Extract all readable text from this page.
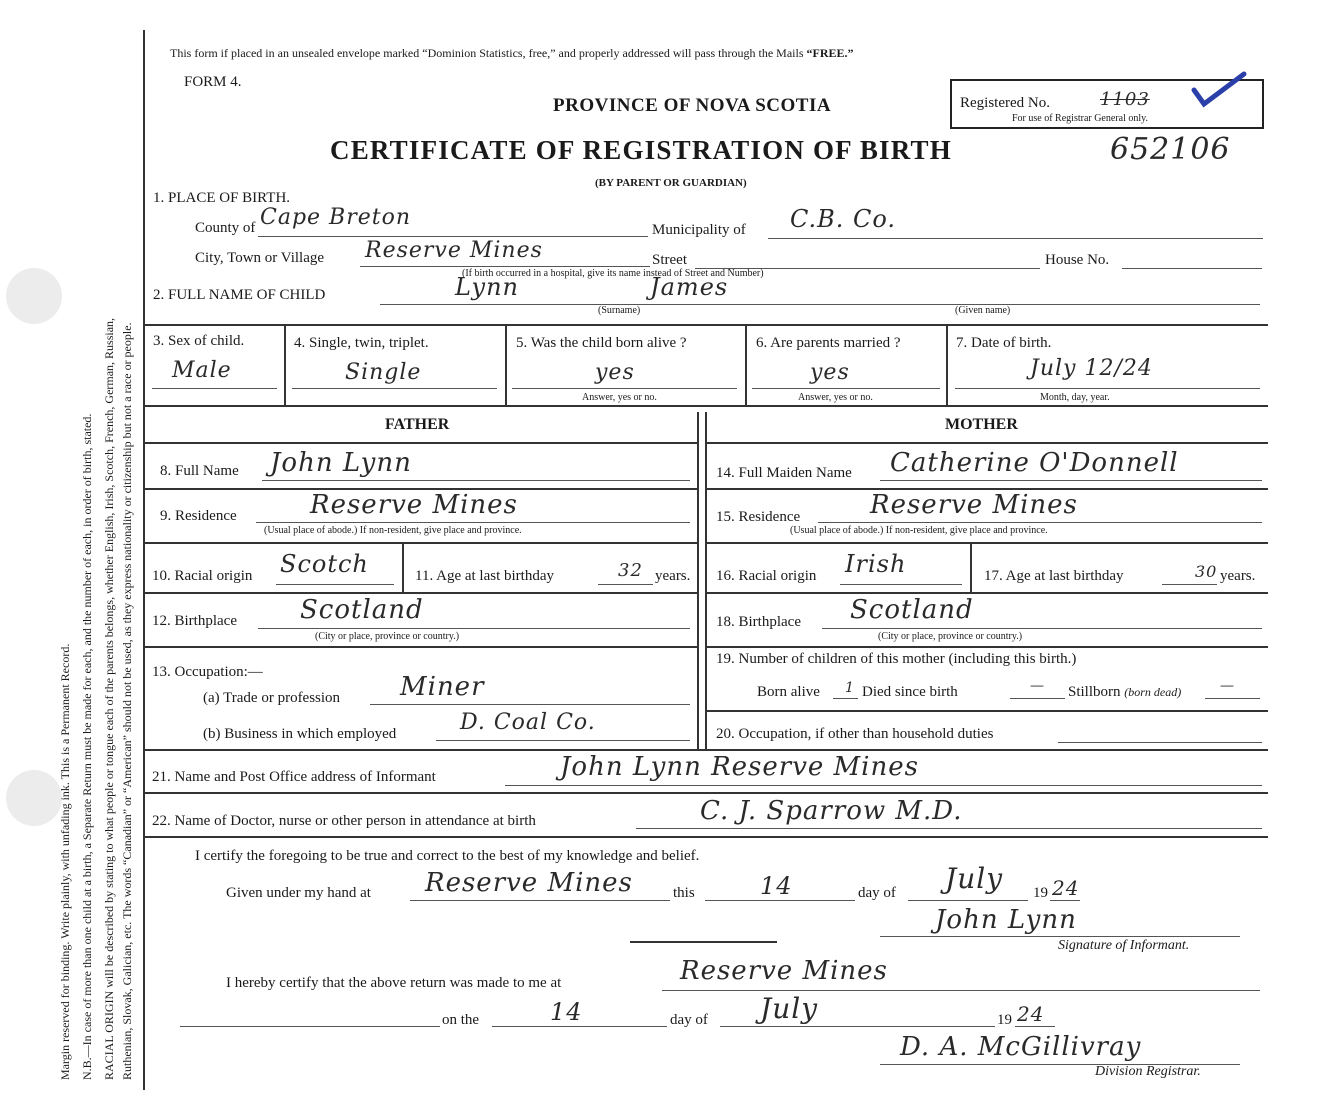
Margin reserved for binding. Write plainly, with unfading ink. This is a Permanent Record. N.B.—In case of more than one child at a birth, a Separate Return must be made for each, and the number of each, in order of birth, stated. RACIAL ORIGIN will be described by stating to what people or tongue each of the parents belongs, whether English, Irish, Scotch, French, German, Russian, Ruthenian, Slovak, Galician, etc. The words “Canadian” or “American” should not be used, as they express nationality or citizenship but not a race or people.
This form if placed in an unsealed envelope marked “Dominion Statistics, free,” and properly addressed will pass through the Mails “FREE.”
FORM 4.
PROVINCE OF NOVA SCOTIA
CERTIFICATE OF REGISTRATION OF BIRTH
(BY PARENT OR GUARDIAN)
Registered No.	1103
For use of Registrar General only.
652106
1. PLACE OF BIRTH.
County of Cape Breton	Municipality of C.B. Co.
City, Town or Village Reserve Mines	Street	House No.
(If birth occurred in a hospital, give its name instead of Street and Number)
2. FULL NAME OF CHILD	Lynn	James
(Surname)	(Given name)
3. Sex of child.
Male
4. Single, twin, triplet.
Single
5. Was the child born alive ?
yes
Answer, yes or no.
6. Are parents married ?
yes
Answer, yes or no.
7. Date of birth.
July 12/24
Month, day, year.
FATHER	MOTHER
8. Full Name John Lynn
9. Residence	Reserve Mines
(Usual place of abode.) If non-resident, give place and province.
10. Racial origin Scotch	11. Age at last birthday	32 years.
12. Birthplace Scotland
(City or place, province or country.)
13. Occupation:—
(a) Trade or profession Miner
(b) Business in which employed	D. Coal Co.
14. Full Maiden Name Catherine O'Donnell
15. Residence	Reserve Mines
(Usual place of abode.) If non-resident, give place and province.
16. Racial origin Irish	17. Age at last birthday	30 years.
18. Birthplace Scotland
(City or place, province or country.)
19. Number of children of this mother (including this birth.)
Born alive 1 Died since birth	— Stillborn (born dead)	—
20. Occupation, if other than household duties
21. Name and Post Office address of Informant	John Lynn Reserve Mines
22. Name of Doctor, nurse or other person in attendance at birth	C. J. Sparrow M.D.
I certify the foregoing to be true and correct to the best of my knowledge and belief.
Given under my hand at Reserve Mines	this	14	day of July 19 24
John Lynn
Signature of Informant.
I hereby certify that the above return was made to me at	Reserve Mines
on the	14	day of July	19 24
D. A. McGillivray
Division Registrar.
